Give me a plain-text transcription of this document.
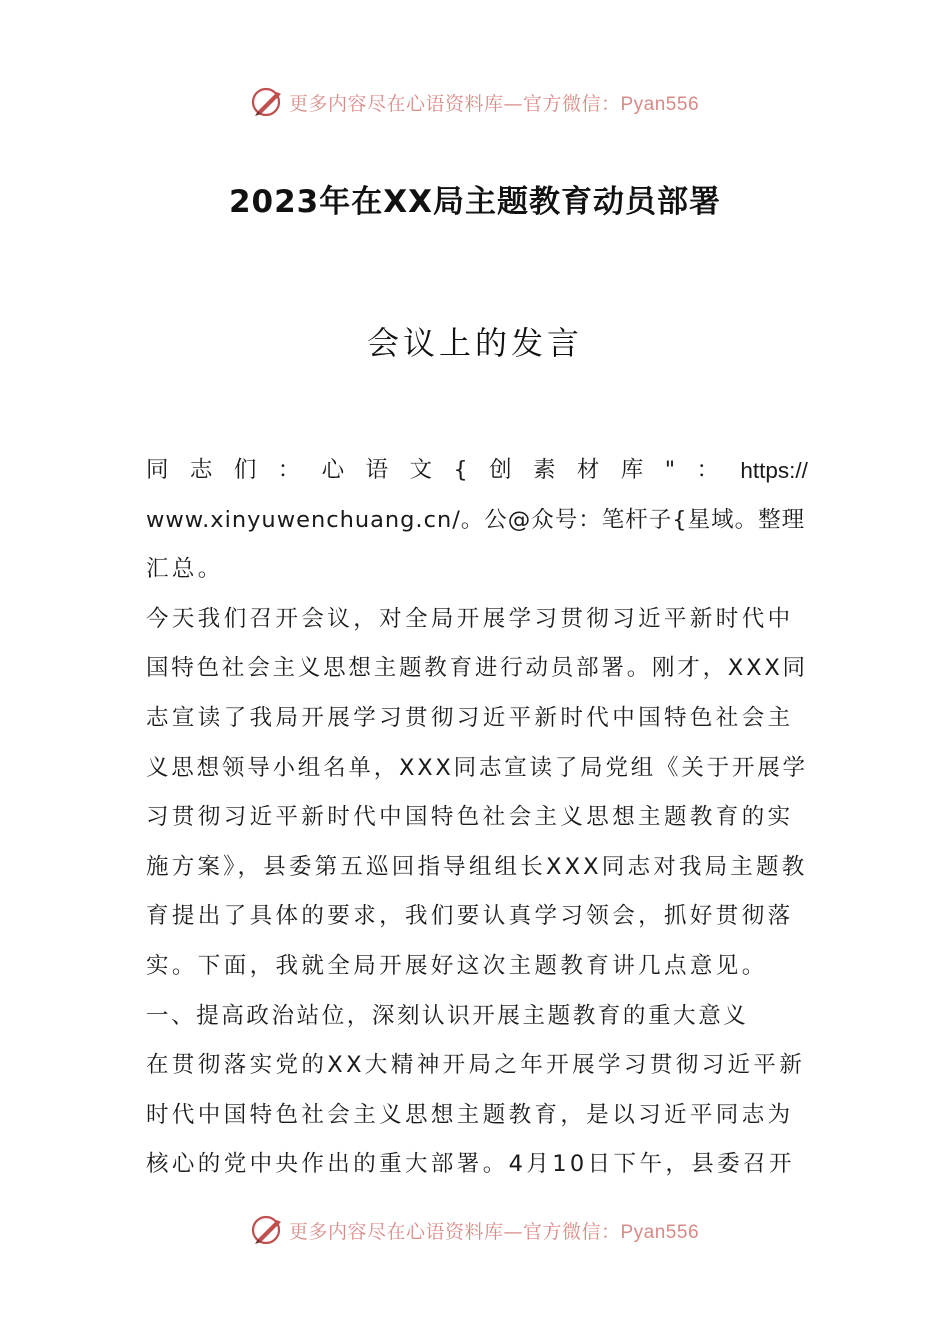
更多内容尽在心语资料库—官方微信：Pyan556
2023年在XX局主题教育动员部署
会议上的发言
同 志 们 ： 心 语 文 { 创 素 材 库 " ： https://
www.xinyuwenchuang.cn/。公@众号：笔杆子{星域。整理
汇总。
今天我们召开会议，对全局开展学习贯彻习近平新时代中
国特色社会主义思想主题教育进行动员部署。刚才，XXX同
志宣读了我局开展学习贯彻习近平新时代中国特色社会主
义思想领导小组名单，XXX同志宣读了局党组《关于开展学
习贯彻习近平新时代中国特色社会主义思想主题教育的实
施方案》，县委第五巡回指导组组长XXX同志对我局主题教
育提出了具体的要求，我们要认真学习领会，抓好贯彻落
实。下面，我就全局开展好这次主题教育讲几点意见。
一、提高政治站位，深刻认识开展主题教育的重大意义
在贯彻落实党的XX大精神开局之年开展学习贯彻习近平新
时代中国特色社会主义思想主题教育，是以习近平同志为
核心的党中央作出的重大部署。4月10日下午，县委召开
更多内容尽在心语资料库—官方微信：Pyan556
